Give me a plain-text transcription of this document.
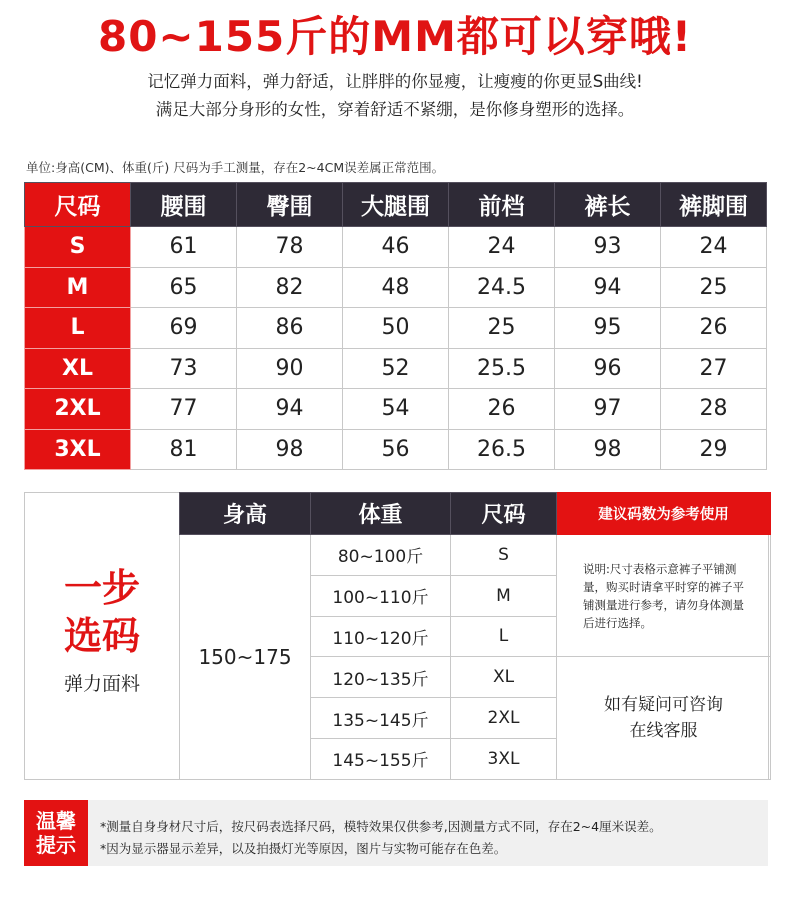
80~155斤的MM都可以穿哦!
记忆弹力面料，弹力舒适，让胖胖的你显瘦，让瘦瘦的你更显S曲线!
满足大部分身形的女性，穿着舒适不紧绷，是你修身塑形的选择。
单位:身高(CM)、体重(斤) 尺码为手工测量，存在2~4CM误差属正常范围。
尺码	腰围	臀围	大腿围	前档	裤长	裤脚围
S	61	78	46	24	93	24
M	65	82	48	24.5	94	25
L	69	86	50	25	95	26
XL	73	90	52	25.5	96	27
2XL	77	94	54	26	97	28
3XL	81	98	56	26.5	98	29
一步
选码
弹力面料
身高	体重	尺码	建议码数为参考使用
150~175	80~100斤	S	说明:尺寸表格示意裤子平铺测量，购买时请拿平时穿的裤子平铺测量进行参考，请勿身体测量后进行选择。
	100~110斤	M	
	110~120斤	L	
	120~135斤	XL	如有疑问可咨询
在线客服

	135~145斤	2XL	
	145~155斤	3XL	
温馨
提示
*测量自身身材尺寸后，按尺码表选择尺码，模特效果仅供参考,因测量方式不同，存在2~4厘米误差。
*因为显示器显示差异，以及拍摄灯光等原因，图片与实物可能存在色差。
